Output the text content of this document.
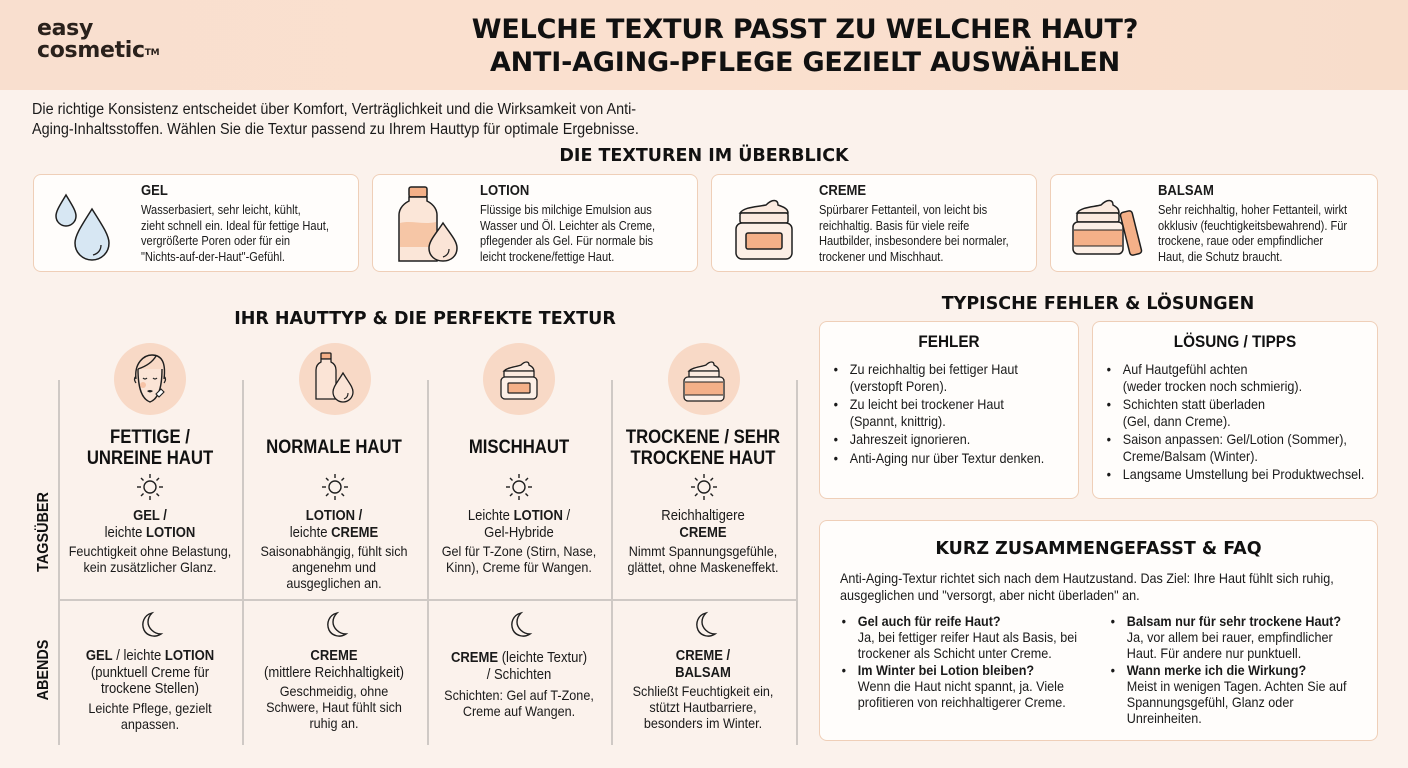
easy
cosmetic™
WELCHE TEXTUR PASST ZU WELCHER HAUT?
ANTI-AGING-PFLEGE GEZIELT AUSWÄHLEN
Die richtige Konsistenz entscheidet über Komfort, Verträglichkeit und die Wirksamkeit von Anti-
Aging-Inhaltsstoffen. Wählen Sie die Textur passend zu Ihrem Hauttyp für optimale Ergebnisse.
DIE TEXTUREN IM ÜBERBLICK
GEL
Wasserbasiert, sehr leicht, kühlt,
zieht schnell ein. Ideal für fettige Haut,
vergrößerte Poren oder für ein
"Nichts-auf-der-Haut"-Gefühl.
LOTION
Flüssige bis milchige Emulsion aus
Wasser und Öl. Leichter als Creme,
pflegender als Gel. Für normale bis
leicht trockene/fettige Haut.
CREME
Spürbarer Fettanteil, von leicht bis
reichhaltig. Basis für viele reife
Hautbilder, insbesondere bei normaler,
trockener und Mischhaut.
BALSAM
Sehr reichhaltig, hoher Fettanteil, wirkt
okklusiv (feuchtigkeitsbewahrend). Für
trockene, raue oder empfindlicher
Haut, die Schutz braucht.
IHR HAUTTYP & DIE PERFEKTE TEXTUR
TAGSÜBER
ABENDS
FETTIGE /
UNREINE HAUT
GEL /
leichte LOTION
Feuchtigkeit ohne Belastung,
kein zusätzlicher Glanz.
GEL / leichte LOTION
(punktuell Creme für
trockene Stellen)
Leichte Pflege, gezielt
anpassen.
NORMALE HAUT
LOTION /
leichte CREME
Saisonabhängig, fühlt sich
angenehm und
ausgeglichen an.
CREME
(mittlere Reichhaltigkeit)
Geschmeidig, ohne
Schwere, Haut fühlt sich
ruhig an.
MISCHHAUT
Leichte LOTION /
Gel-Hybride
Gel für T-Zone (Stirn, Nase,
Kinn), Creme für Wangen.
CREME (leichte Textur)
/ Schichten
Schichten: Gel auf T-Zone,
Creme auf Wangen.
TROCKENE / SEHR
TROCKENE HAUT
Reichhaltigere
CREME
Nimmt Spannungsgefühle,
glättet, ohne Maskeneffekt.
CREME /
BALSAM
Schließt Feuchtigkeit ein,
stützt Hautbarriere,
besonders im Winter.
TYPISCHE FEHLER & LÖSUNGEN
FEHLER
• Zu reichhaltig bei fettiger Haut
(verstopft Poren).
• Zu leicht bei trockener Haut
(Spannt, knittrig).
• Jahreszeit ignorieren.
• Anti-Aging nur über Textur denken.
LÖSUNG / TIPPS
• Auf Hautgefühl achten
(weder trocken noch schmierig).
• Schichten statt überladen
(Gel, dann Creme).
• Saison anpassen: Gel/Lotion (Sommer),
Creme/Balsam (Winter).
• Langsame Umstellung bei Produktwechsel.
KURZ ZUSAMMENGEFASST & FAQ
Anti-Aging-Textur richtet sich nach dem Hautzustand. Das Ziel: Ihre Haut fühlt sich ruhig,
ausgeglichen und "versorgt, aber nicht überladen" an.
• Gel auch für reife Haut?
Ja, bei fettiger reifer Haut als Basis, bei
trockener als Schicht unter Creme.
• Im Winter bei Lotion bleiben?
Wenn die Haut nicht spannt, ja. Viele
profitieren von reichhaltigerer Creme.
• Balsam nur für sehr trockene Haut?
Ja, vor allem bei rauer, empfindlicher
Haut. Für andere nur punktuell.
• Wann merke ich die Wirkung?
Meist in wenigen Tagen. Achten Sie auf
Spannungsgefühl, Glanz oder
Unreinheiten.
